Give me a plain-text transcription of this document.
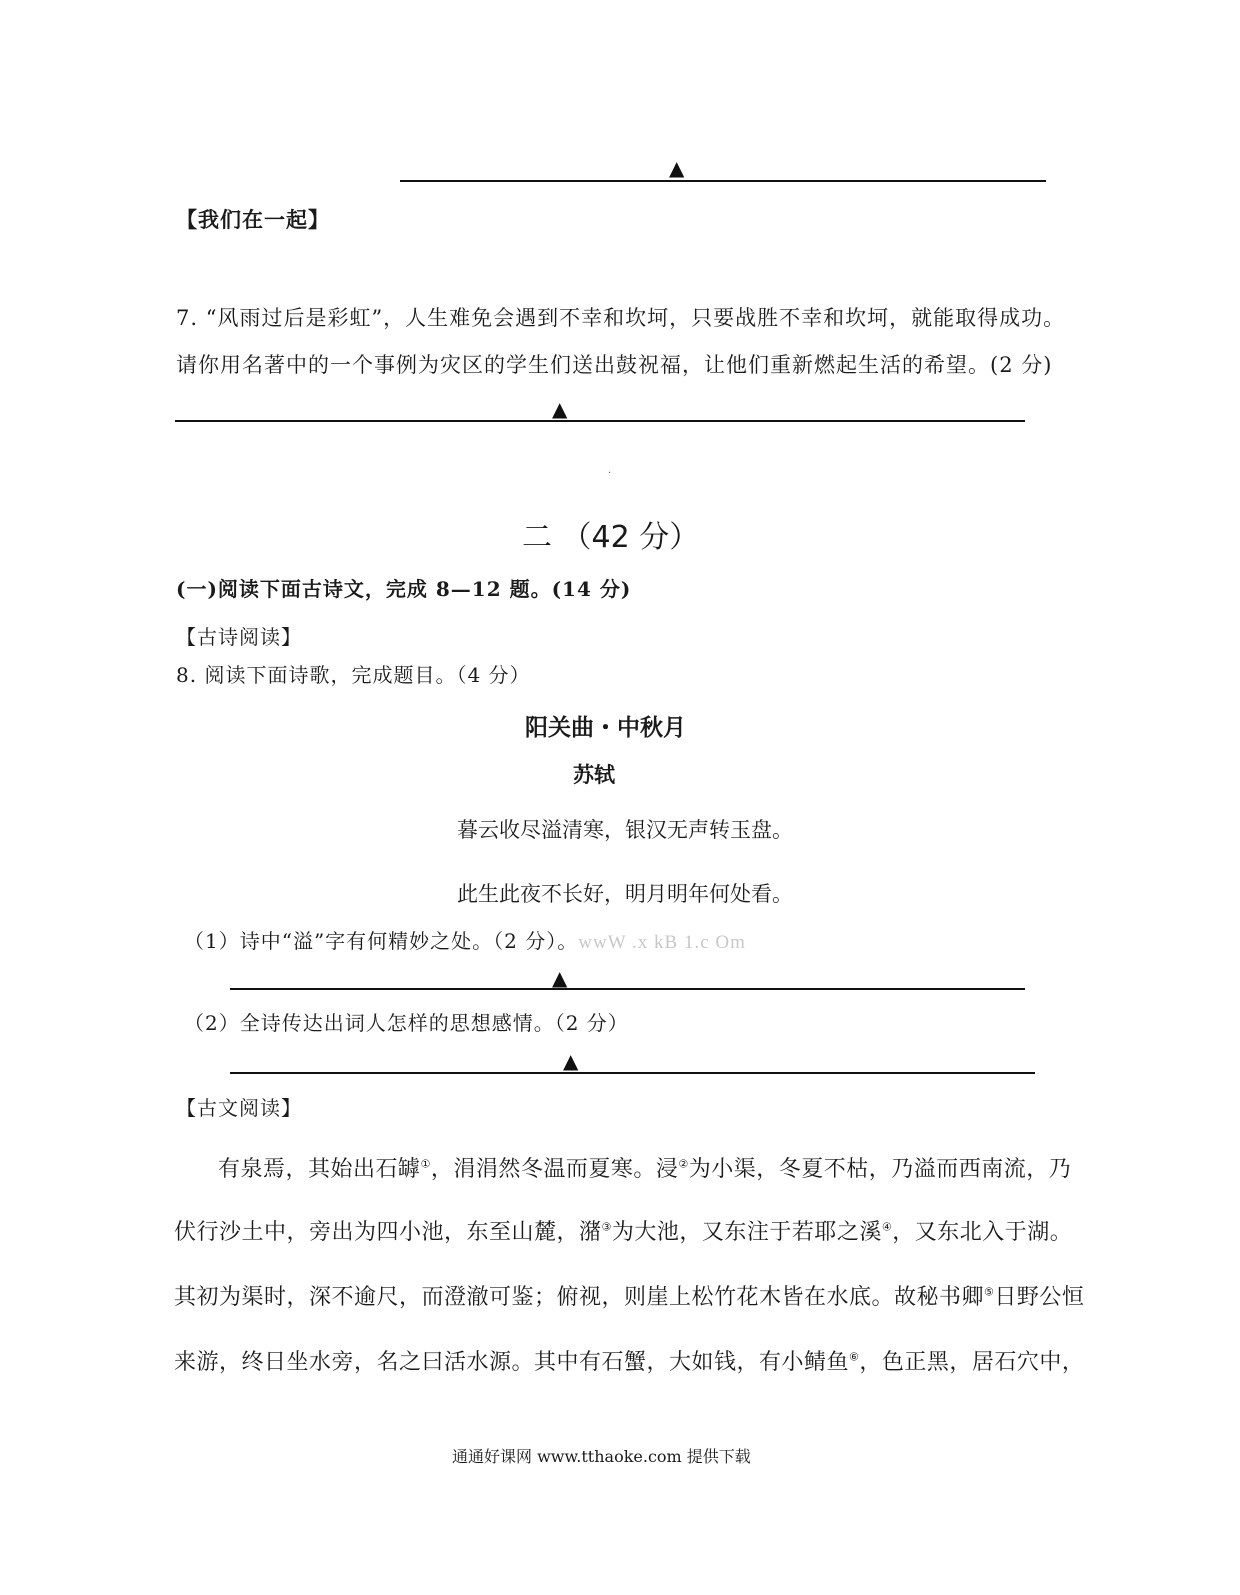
▲
【我们在一起】
7. “风雨过后是彩虹”，人生难免会遇到不幸和坎坷，只要战胜不幸和坎坷，就能取得成功。
请你用名著中的一个事例为灾区的学生们送出鼓祝福，让他们重新燃起生活的希望。(2 分)
▲
·
二 （42 分）
(一)阅读下面古诗文，完成 8—12 题。(14 分)
【古诗阅读】
8. 阅读下面诗歌，完成题目。（4 分）
阳关曲・中秋月
苏轼
暮云收尽溢清寒，银汉无声转玉盘。
此生此夜不长好，明月明年何处看。
（1）诗中“溢”字有何精妙之处。（2 分）。wwW .x kB 1.c Om
▲
（2）全诗传达出词人怎样的思想感情。（2 分）
▲
【古文阅读】
有泉焉，其始出石罅①，涓涓然冬温而夏寒。浸②为小渠，冬夏不枯，乃溢而西南流，乃
伏行沙土中，旁出为四小池，东至山麓，潴③为大池，又东注于若耶之溪④，又东北入于湖。
其初为渠时，深不逾尺，而澄澈可鉴；俯视，则崖上松竹花木皆在水底。故秘书卿⑤日野公恒
来游，终日坐水旁，名之曰活水源。其中有石蟹，大如钱，有小鲭鱼⑥，色正黑，居石穴中，
通通好课网 www.tthaoke.com 提供下载
